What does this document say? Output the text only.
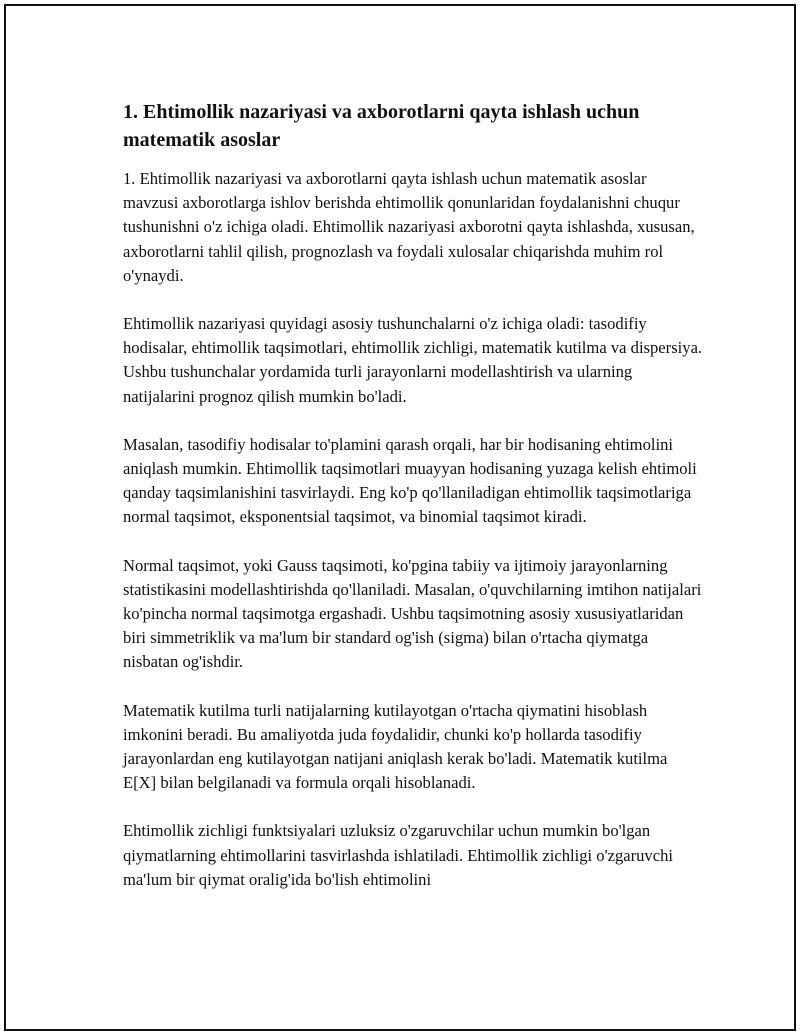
1. Ehtimollik nazariyasi va axborotlarni qayta ishlash uchun matematik asoslar

1. Ehtimollik nazariyasi va axborotlarni qayta ishlash uchun matematik asoslar mavzusi axborotlarga ishlov berishda ehtimollik qonunlaridan foydalanishni chuqur tushunishni o'z ichiga oladi. Ehtimollik nazariyasi axborotni qayta ishlashda, xususan, axborotlarni tahlil qilish, prognozlash va foydali xulosalar chiqarishda muhim rol o'ynaydi.

Ehtimollik nazariyasi quyidagi asosiy tushunchalarni o'z ichiga oladi: tasodifiy hodisalar, ehtimollik taqsimotlari, ehtimollik zichligi, matematik kutilma va dispersiya. Ushbu tushunchalar yordamida turli jarayonlarni modellashtirish va ularning natijalarini prognoz qilish mumkin bo'ladi.

Masalan, tasodifiy hodisalar to'plamini qarash orqali, har bir hodisaning ehtimolini aniqlash mumkin. Ehtimollik taqsimotlari muayyan hodisaning yuzaga kelish ehtimoli qanday taqsimlanishini tasvirlaydi. Eng ko'p qo'llaniladigan ehtimollik taqsimotlariga normal taqsimot, eksponentsial taqsimot, va binomial taqsimot kiradi.

Normal taqsimot, yoki Gauss taqsimoti, ko'pgina tabiiy va ijtimoiy jarayonlarning statistikasini modellashtirishda qo'llaniladi. Masalan, o'quvchilarning imtihon natijalari ko'pincha normal taqsimotga ergashadi. Ushbu taqsimotning asosiy xususiyatlaridan biri simmetriklik va ma'lum bir standard og'ish (sigma) bilan o'rtacha qiymatga nisbatan og'ishdir.

Matematik kutilma turli natijalarning kutilayotgan o'rtacha qiymatini hisoblash imkonini beradi. Bu amaliyotda juda foydalidir, chunki ko'p hollarda tasodifiy jarayonlardan eng kutilayotgan natijani aniqlash kerak bo'ladi. Matematik kutilma E[X] bilan belgilanadi va formula orqali hisoblanadi.

Ehtimollik zichligi funktsiyalari uzluksiz o'zgaruvchilar uchun mumkin bo'lgan qiymatlarning ehtimollarini tasvirlashda ishlatiladi. Ehtimollik zichligi o'zgaruvchi ma'lum bir qiymat oralig'ida bo'lish ehtimolini
